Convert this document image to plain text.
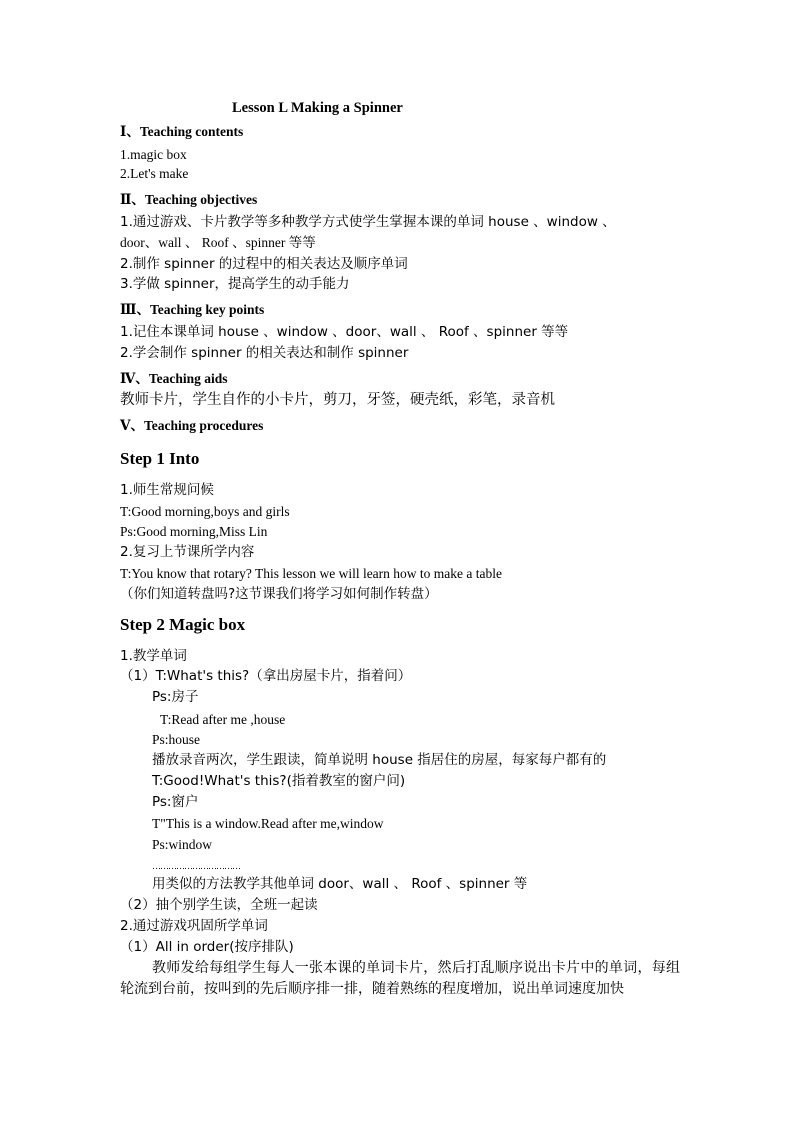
Lesson L Making a Spinner
Ⅰ、Teaching contents
1.magic box
2.Let's make
Ⅱ、Teaching objectives
1.通过游戏、卡片教学等多种教学方式使学生掌握本课的单词 house 、window 、
door、wall 、 Roof 、spinner 等等
2.制作 spinner 的过程中的相关表达及顺序单词
3.学做 spinner，提高学生的动手能力
Ⅲ、Teaching key points
1.记住本课单词 house 、window 、door、wall 、 Roof 、spinner 等等
2.学会制作 spinner 的相关表达和制作 spinner
Ⅳ、Teaching aids
教师卡片，学生自作的小卡片，剪刀，牙签，硬壳纸，彩笔，录音机
Ⅴ、Teaching procedures
Step 1 Into
1.师生常规问候
T:Good morning,boys and girls
Ps:Good morning,Miss Lin
2.复习上节课所学内容
T:You know that rotary? This lesson we will learn how to make a table
（你们知道转盘吗?这节课我们将学习如何制作转盘）
Step 2 Magic box
1.教学单词
（1）T:What's this?（拿出房屋卡片，指着问）
Ps:房子
T:Read after me ,house
Ps:house
播放录音两次，学生跟读，简单说明 house 指居住的房屋，每家每户都有的
T:Good!What's this?(指着教室的窗户问)
Ps:窗户
T"This is a window.Read after me,window
Ps:window
……………………………
用类似的方法教学其他单词 door、wall 、 Roof 、spinner 等
（2）抽个别学生读，全班一起读
2.通过游戏巩固所学单词
（1）All in order(按序排队)
教师发给每组学生每人一张本课的单词卡片，然后打乱顺序说出卡片中的单词，每组轮流到台前，按叫到的先后顺序排一排，随着熟练的程度增加，说出单词速度加快
